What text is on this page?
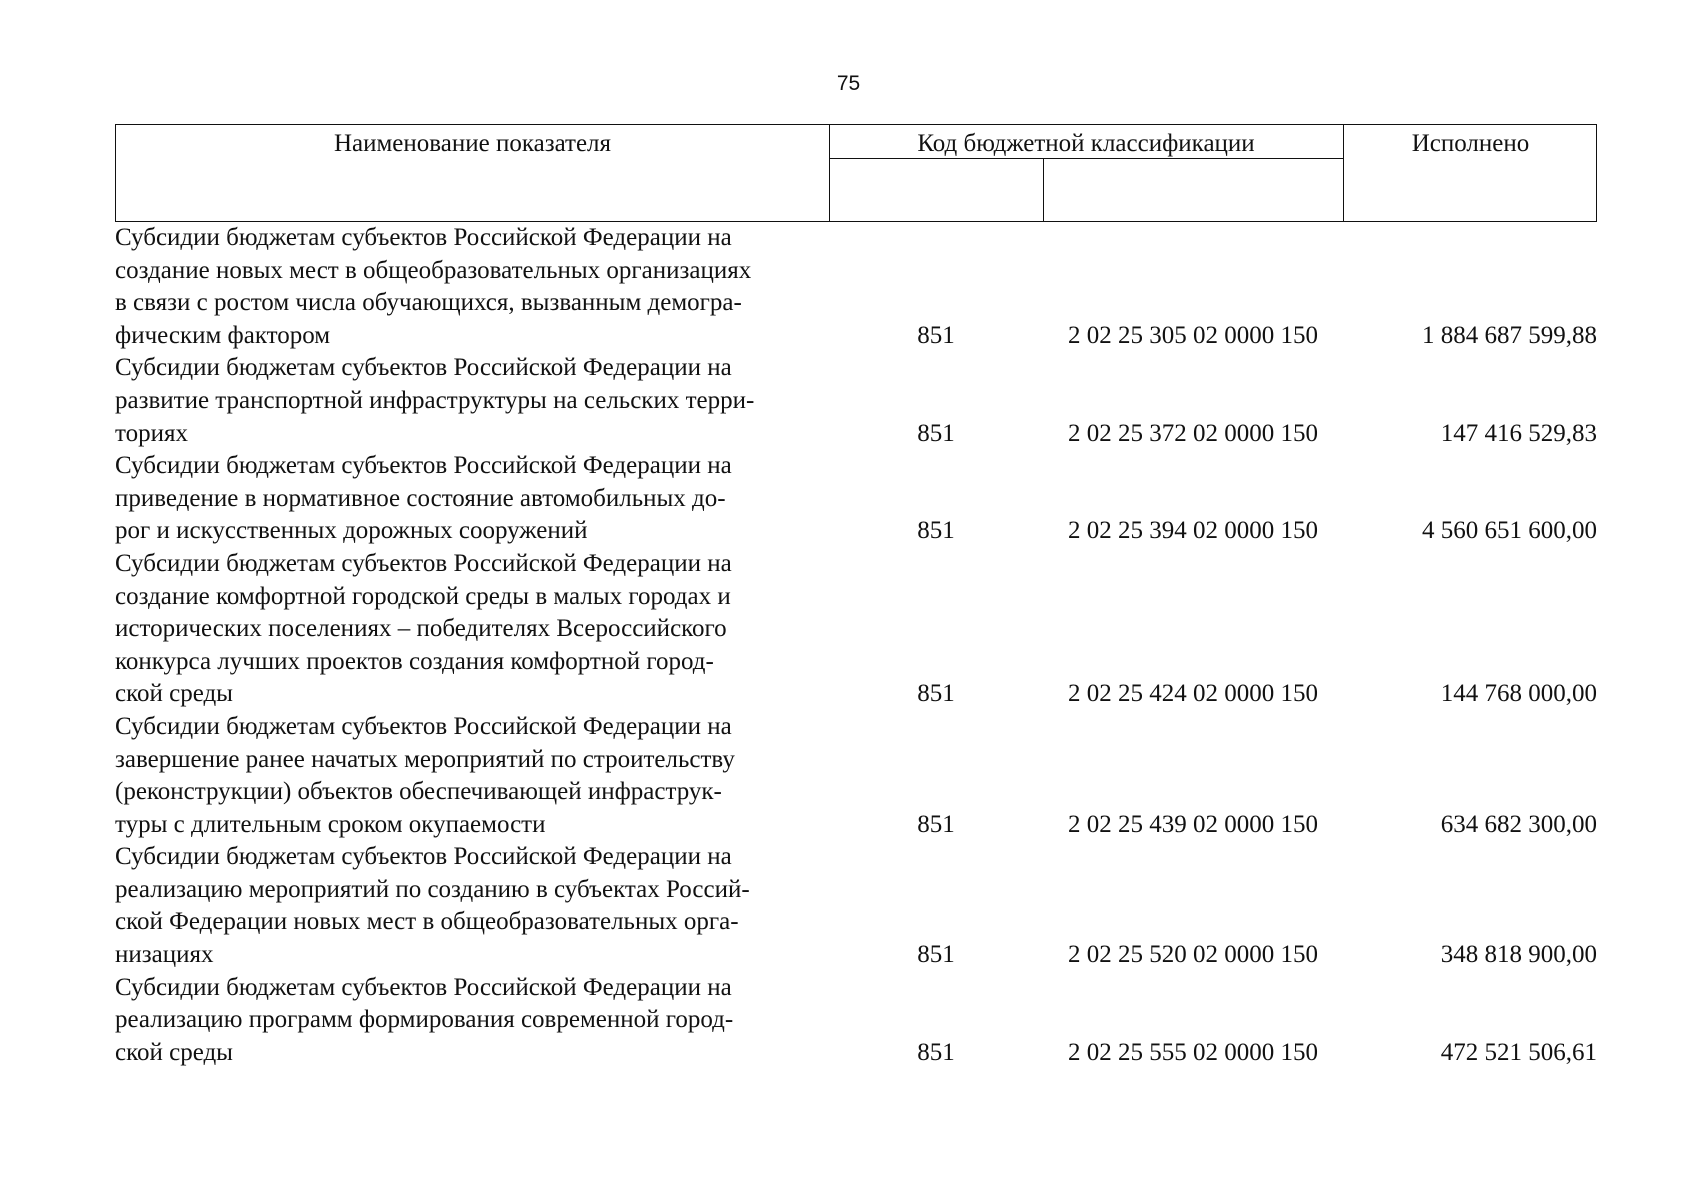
75
Наименование показателя	Код бюджетной классификации	Исполнено
Субсидии бюджетам субъектов Российской Федерации на
создание новых мест в общеобразовательных организациях
в связи с ростом числа обучающихся, вызванным демогра-
фическим фактором	851	2 02 25 305 02 0000 150	1 884 687 599,88
Субсидии бюджетам субъектов Российской Федерации на
развитие транспортной инфраструктуры на сельских терри-
ториях	851	2 02 25 372 02 0000 150	147 416 529,83
Субсидии бюджетам субъектов Российской Федерации на
приведение в нормативное состояние автомобильных до-
рог и искусственных дорожных сооружений	851	2 02 25 394 02 0000 150	4 560 651 600,00
Субсидии бюджетам субъектов Российской Федерации на
создание комфортной городской среды в малых городах и
исторических поселениях – победителях Всероссийского
конкурса лучших проектов создания комфортной город-
ской среды	851	2 02 25 424 02 0000 150	144 768 000,00
Субсидии бюджетам субъектов Российской Федерации на
завершение ранее начатых мероприятий по строительству
(реконструкции) объектов обеспечивающей инфраструк-
туры с длительным сроком окупаемости	851	2 02 25 439 02 0000 150	634 682 300,00
Субсидии бюджетам субъектов Российской Федерации на
реализацию мероприятий по созданию в субъектах Россий-
ской Федерации новых мест в общеобразовательных орга-
низациях	851	2 02 25 520 02 0000 150	348 818 900,00
Субсидии бюджетам субъектов Российской Федерации на
реализацию программ формирования современной город-
ской среды	851	2 02 25 555 02 0000 150	472 521 506,61
